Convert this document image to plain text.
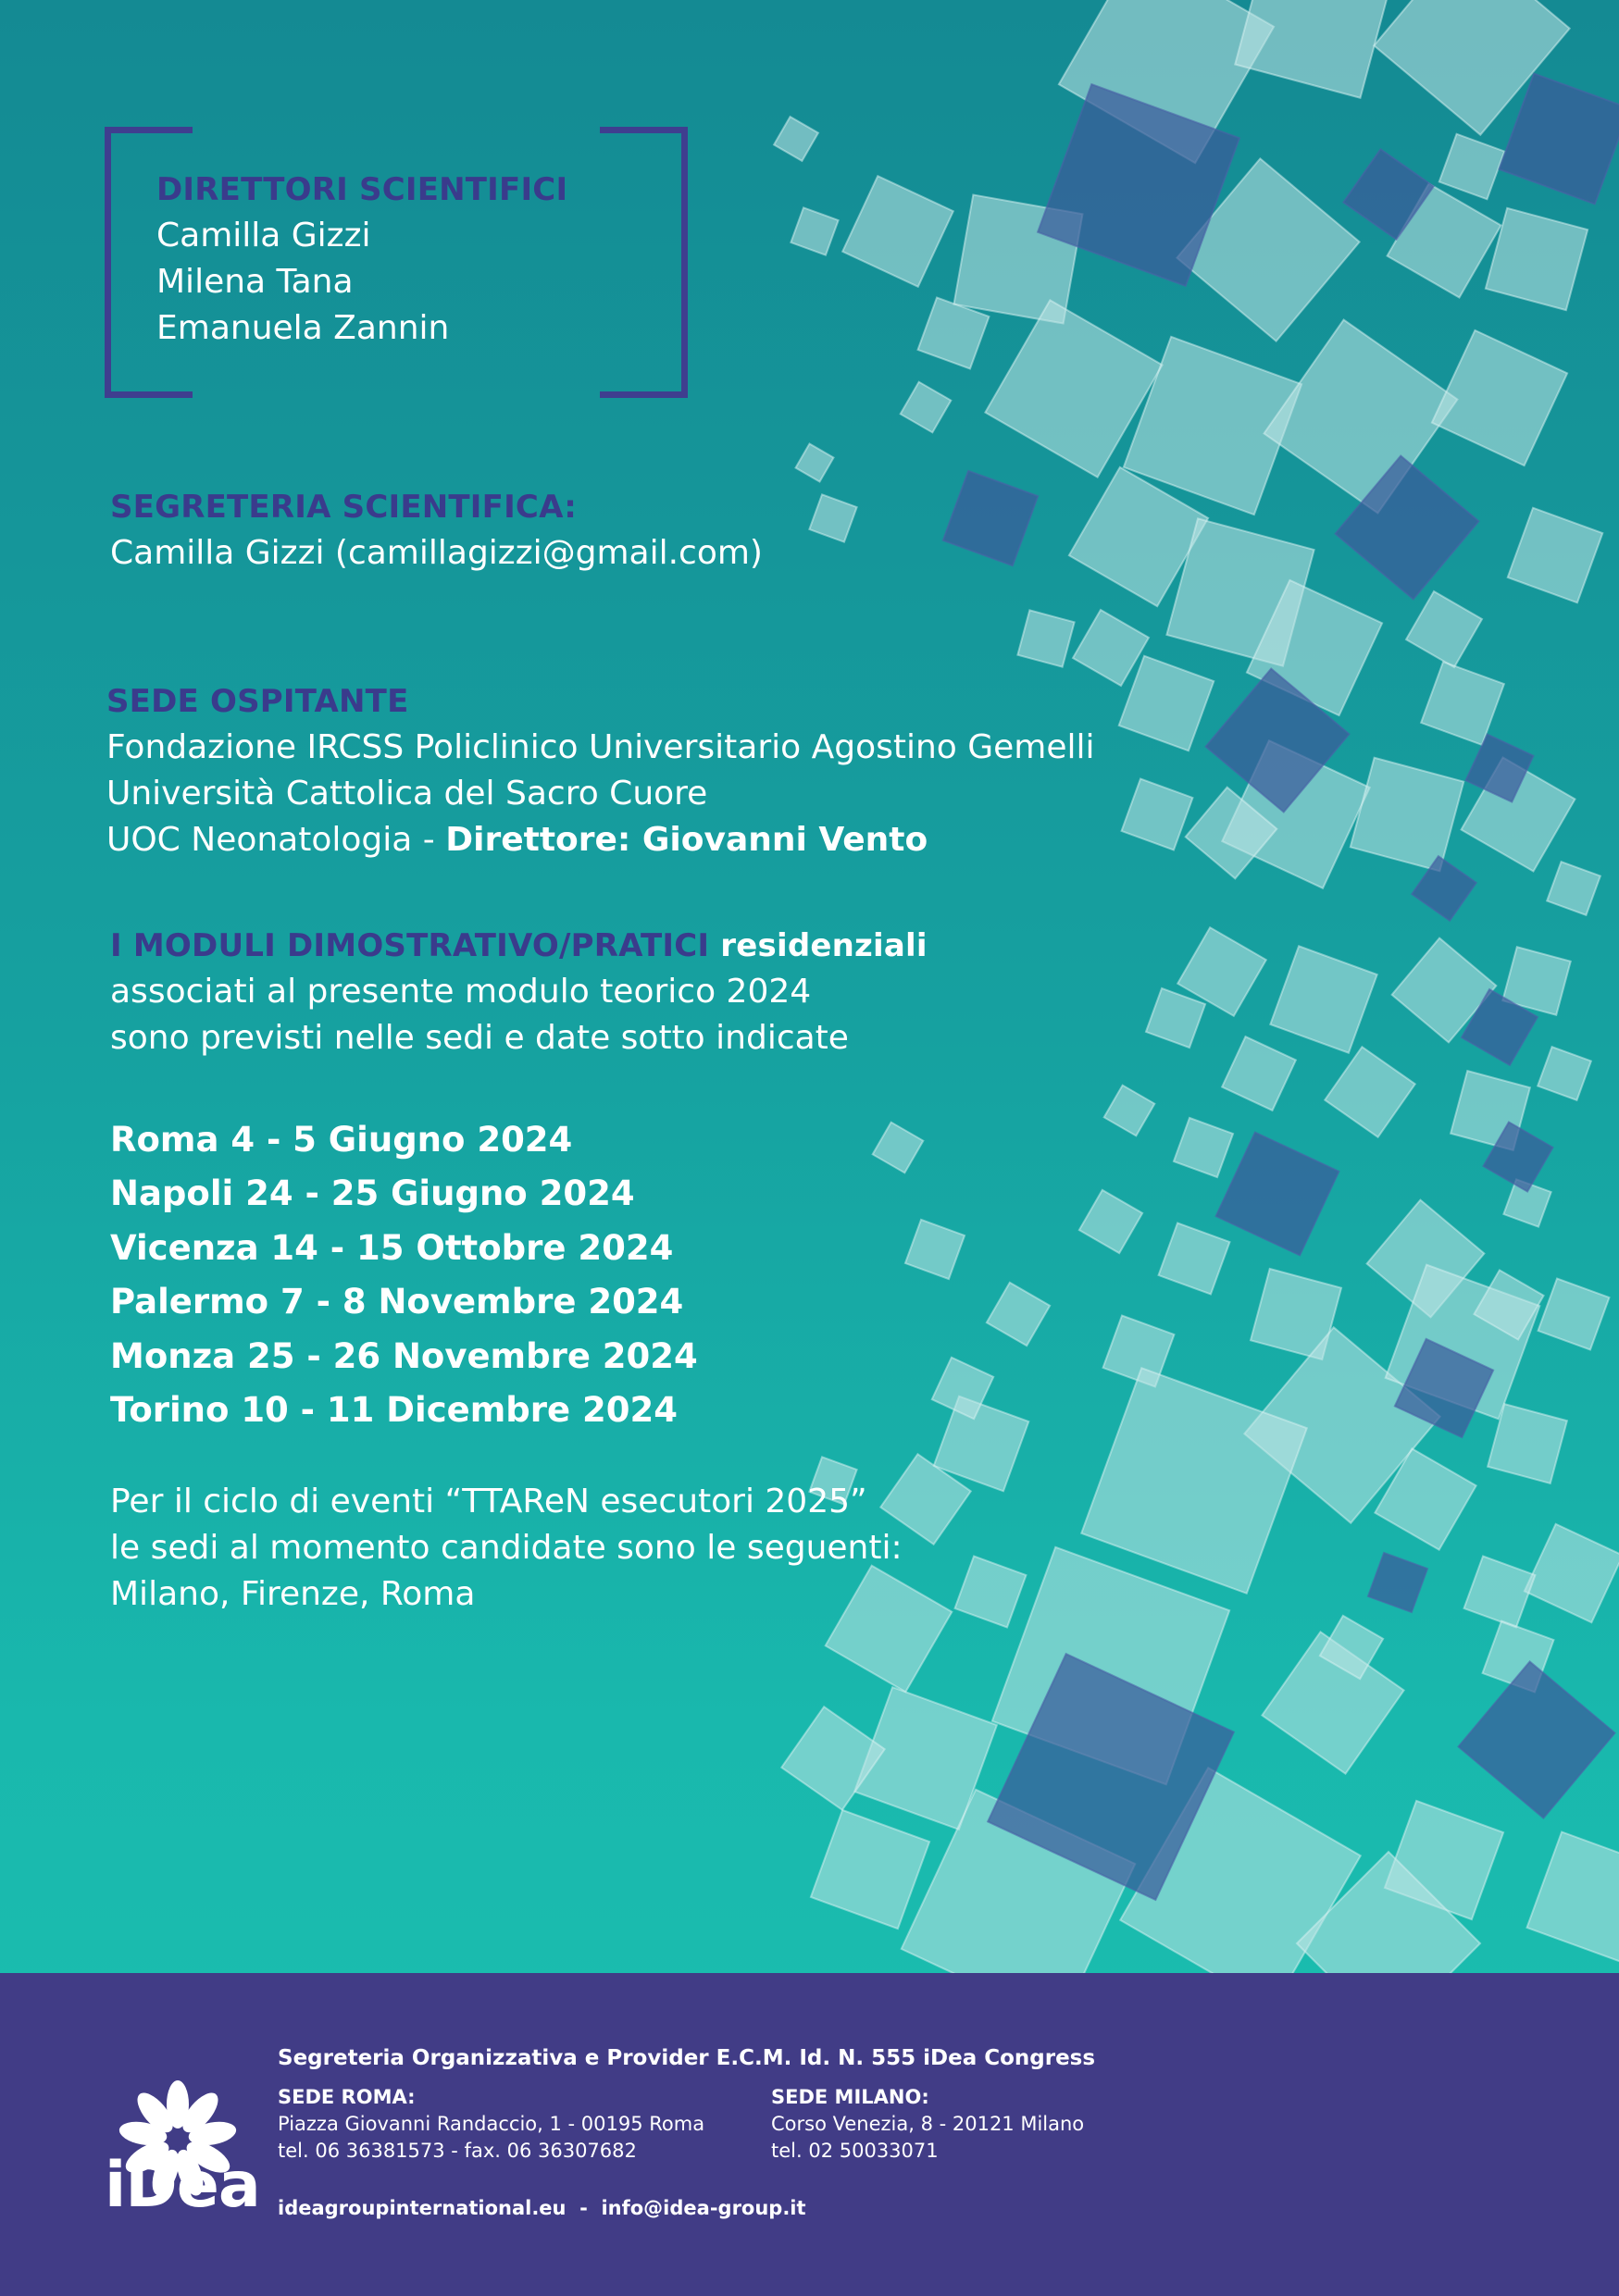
DIRETTORI SCIENTIFICI
Camilla Gizzi
Milena Tana
Emanuela Zannin
SEGRETERIA SCIENTIFICA:
Camilla Gizzi (camillagizzi@gmail.com)
SEDE OSPITANTE
Fondazione IRCSS Policlinico Universitario Agostino Gemelli
Università Cattolica del Sacro Cuore
UOC Neonatologia - Direttore: Giovanni Vento
I MODULI DIMOSTRATIVO/PRATICI residenziali
associati al presente modulo teorico 2024
sono previsti nelle sedi e date sotto indicate
Roma 4 - 5 Giugno 2024
Napoli 24 - 25 Giugno 2024
Vicenza 14 - 15 Ottobre 2024
Palermo 7 - 8 Novembre 2024
Monza 25 - 26 Novembre 2024
Torino 10 - 11 Dicembre 2024
Per il ciclo di eventi “TTAReN esecutori 2025”
le sedi al momento candidate sono le seguenti:
Milano, Firenze, Roma
iDea
Segreteria Organizzativa e Provider E.C.M. Id. N. 555 iDea Congress
SEDE ROMA:
Piazza Giovanni Randaccio, 1 - 00195 Roma
tel. 06 36381573 - fax. 06 36307682
SEDE MILANO:
Corso Venezia, 8 - 20121 Milano
tel. 02 50033071
ideagroupinternational.eu  -  info@idea-group.it
